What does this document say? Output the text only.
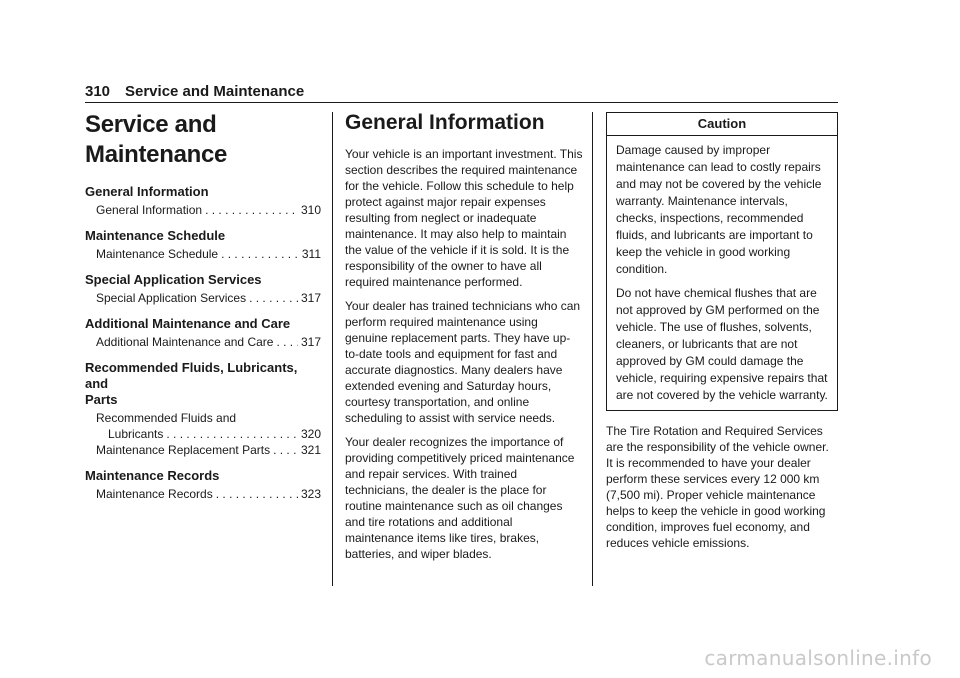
310 Service and Maintenance
Service and Maintenance
General Information
General Information . . .	310
Maintenance Schedule
Maintenance Schedule . . .	311
Special Application Services
Special Application Services . . .	317
Additional Maintenance and Care
Additional Maintenance and Care . . . 317
Recommended Fluids, Lubricants, and
Parts
Recommended Fluids and
Lubricants . . .	320
Maintenance Replacement Parts . . .	321
Maintenance Records
Maintenance Records . . .	323
General Information

Your vehicle is an important investment. This section describes the required maintenance for the vehicle. Follow this schedule to help protect against major repair expenses resulting from neglect or inadequate maintenance. It may also help to maintain the value of the vehicle if it is sold. It is the responsibility of the owner to have all required maintenance performed.

Your dealer has trained technicians who can perform required maintenance using genuine replacement parts. They have up-to-date tools and equipment for fast and accurate diagnostics. Many dealers have extended evening and Saturday hours, courtesy transportation, and online scheduling to assist with service needs.

Your dealer recognizes the importance of providing competitively priced maintenance and repair services. With trained technicians, the dealer is the place for routine maintenance such as oil changes and tire rotations and additional maintenance items like tires, brakes, batteries, and wiper blades.

Caution

Damage caused by improper maintenance can lead to costly repairs and may not be covered by the vehicle warranty. Maintenance intervals, checks, inspections, recommended fluids, and lubricants are important to keep the vehicle in good working condition.

Do not have chemical flushes that are not approved by GM performed on the vehicle. The use of flushes, solvents, cleaners, or lubricants that are not approved by GM could damage the vehicle, requiring expensive repairs that are not covered by the vehicle warranty.

The Tire Rotation and Required Services are the responsibility of the vehicle owner. It is recommended to have your dealer perform these services every 12 000 km (7,500 mi). Proper vehicle maintenance helps to keep the vehicle in good working condition, improves fuel economy, and reduces vehicle emissions.

carmanualsonline.info
